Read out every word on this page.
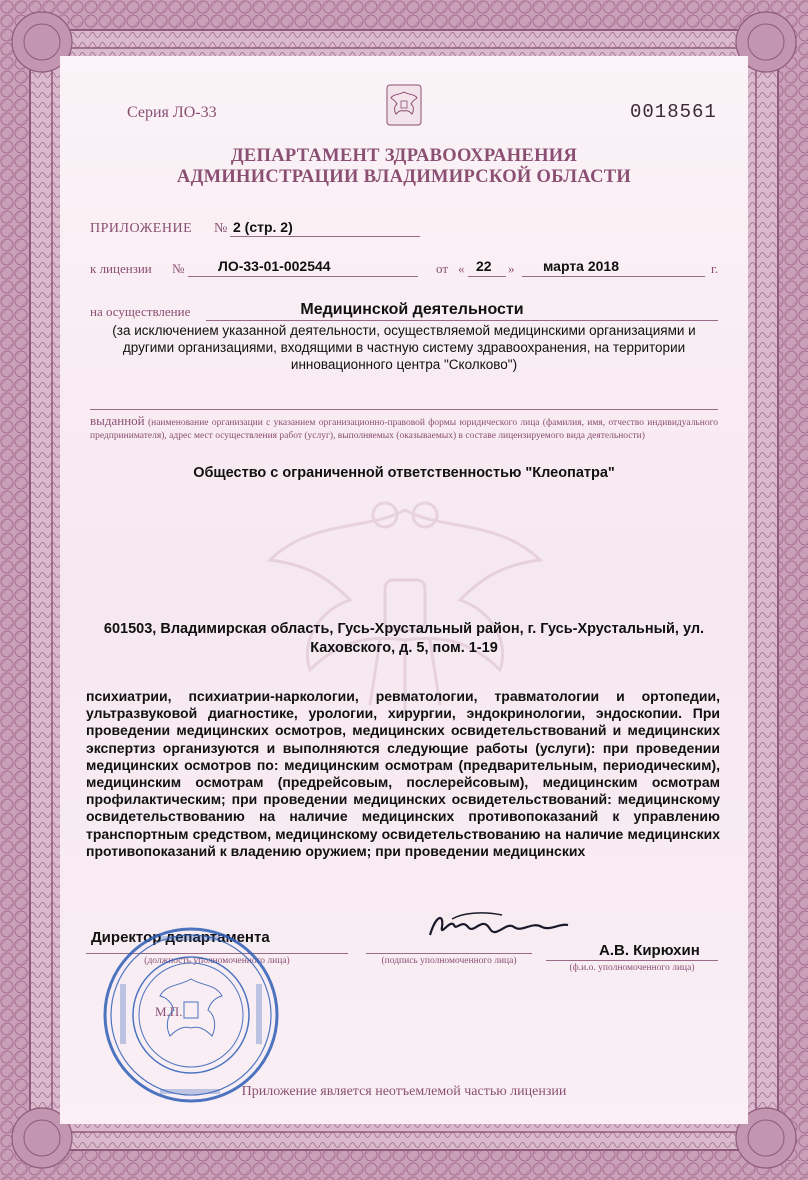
Серия ЛО-33	0018561
ДЕПАРТАМЕНТ ЗДРАВООХРАНЕНИЯ
АДМИНИСТРАЦИИ ВЛАДИМИРСКОЙ ОБЛАСТИ
ПРИЛОЖЕНИЕ № 2 (стр. 2)
к лицензии № ЛО-33-01-002544	от « 22 » марта 2018	г.
на осуществление	Медицинской деятельности
(за исключением указанной деятельности, осуществляемой медицинскими организациями и другими организациями, входящими в частную систему здравоохранения, на территории инновационного центра "Сколково")
выданной (наименование организации с указанием организационно-правовой формы юридического лица (фамилия, имя, отчество индивидуального предпринимателя), адрес мест осуществления работ (услуг), выполняемых (оказываемых) в составе лицензируемого вида деятельности)
Общество с ограниченной ответственностью "Клеопатра"
601503, Владимирская область, Гусь-Хрустальный район, г. Гусь-Хрустальный, ул. Каховского, д. 5, пом. 1-19
психиатрии, психиатрии-наркологии, ревматологии, травматологии и ортопедии, ультразвуковой диагностике, урологии, хирургии, эндокринологии, эндоскопии. При проведении медицинских осмотров, медицинских освидетельствований и медицинских экспертиз организуются и выполняются следующие работы (услуги): при проведении медицинских осмотров по: медицинским осмотрам (предварительным, периодическим), медицинским осмотрам (предрейсовым, послерейсовым), медицинским осмотрам профилактическим; при проведении медицинских освидетельствований: медицинскому освидетельствованию на наличие медицинских противопоказаний к управлению транспортным средством, медицинскому освидетельствованию на наличие медицинских противопоказаний к владению оружием; при проведении медицинских
Директор департамента
(должность уполномоченного лица)	(подпись уполномоченного лица)
А.В. Кирюхин
(ф.и.о. уполномоченного лица)
М.П.
Приложение является неотъемлемой частью лицензии
